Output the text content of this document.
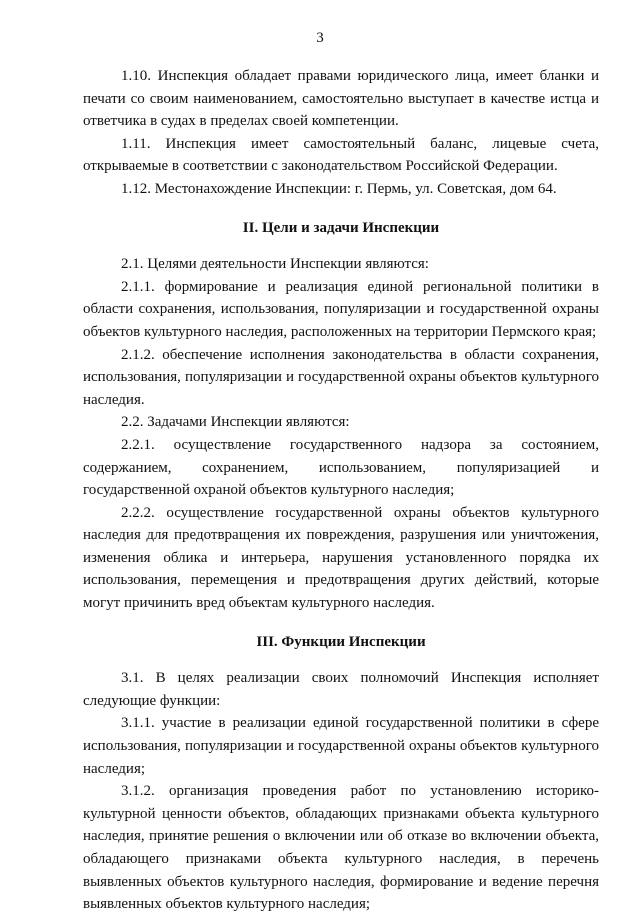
3

1.10. Инспекция обладает правами юридического лица, имеет бланки и печати со своим наименованием, самостоятельно выступает в качестве истца и ответчика в судах в пределах своей компетенции.

1.11. Инспекция имеет самостоятельный баланс, лицевые счета, открываемые в соответствии с законодательством Российской Федерации.

1.12. Местонахождение Инспекции: г. Пермь, ул. Советская, дом 64.

II. Цели и задачи Инспекции

2.1. Целями деятельности Инспекции являются:

2.1.1. формирование и реализация единой региональной политики в области сохранения, использования, популяризации и государственной охраны объектов культурного наследия, расположенных на территории Пермского края;

2.1.2. обеспечение исполнения законодательства в области сохранения, использования, популяризации и государственной охраны объектов культурного наследия.

2.2. Задачами Инспекции являются:

2.2.1. осуществление государственного надзора за состоянием, содержанием, сохранением, использованием, популяризацией и государственной охраной объектов культурного наследия;

2.2.2. осуществление государственной охраны объектов культурного наследия для предотвращения их повреждения, разрушения или уничтожения, изменения облика и интерьера, нарушения установленного порядка их использования, перемещения и предотвращения других действий, которые могут причинить вред объектам культурного наследия.

III. Функции Инспекции

3.1. В целях реализации своих полномочий Инспекция исполняет следующие функции:

3.1.1. участие в реализации единой государственной политики в сфере использования, популяризации и государственной охраны объектов культурного наследия;

3.1.2. организация проведения работ по установлению историко-культурной ценности объектов, обладающих признаками объекта культурного наследия, принятие решения о включении или об отказе во включении объекта, обладающего признаками объекта культурного наследия, в перечень выявленных объектов культурного наследия, формирование и ведение перечня выявленных объектов культурного наследия;
